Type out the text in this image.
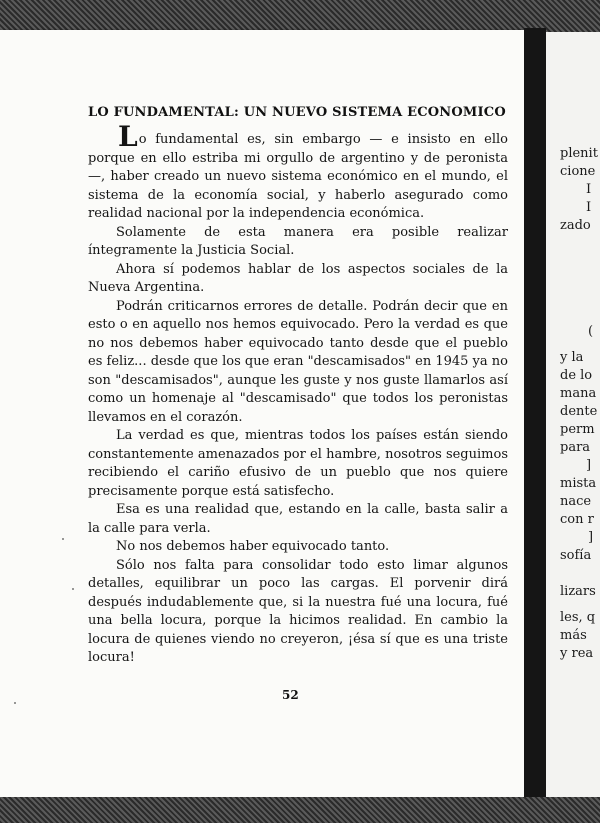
LO FUNDAMENTAL: UN NUEVO SISTEMA ECONOMICO

Lo fundamental es, sin embargo — e insisto en ello porque en ello estriba mi orgullo de argentino y de peronista —, haber creado un nuevo sistema económico en el mundo, el sistema de la economía social, y haberlo asegurado como realidad nacional por la independencia económica.

Solamente de esta manera era posible realizar íntegramente la Justicia Social.

Ahora sí podemos hablar de los aspectos sociales de la Nueva Argentina.

Podrán criticarnos errores de detalle. Podrán decir que en esto o en aquello nos hemos equivocado. Pero la verdad es que no nos debemos haber equivocado tanto desde que el pueblo es feliz... desde que los que eran "descamisados" en 1945 ya no son "descamisados", aunque les guste y nos guste llamarlos así como un homenaje al "descamisado" que todos los peronistas llevamos en el corazón.

La verdad es que, mientras todos los países están siendo constantemente amenazados por el hambre, nosotros seguimos recibiendo el cariño efusivo de un pueblo que nos quiere precisamente porque está satisfecho.

Esa es una realidad que, estando en la calle, basta salir a la calle para verla.

No nos debemos haber equivocado tanto.

Sólo nos falta para consolidar todo esto limar algunos detalles, equilibrar un poco las cargas. El porvenir dirá después indudablemente que, si la nuestra fué una locura, fué una bella locura, porque la hicimos realidad. En cambio la locura de quienes viendo no creyeron, ¡ésa sí que es una triste locura!

52
plenit
cione
I
I
zado
(
y la
de lo
mana
dente
perm
para
]
mista
nace
con r
]
sofía
lizars
les, q
más
y rea
